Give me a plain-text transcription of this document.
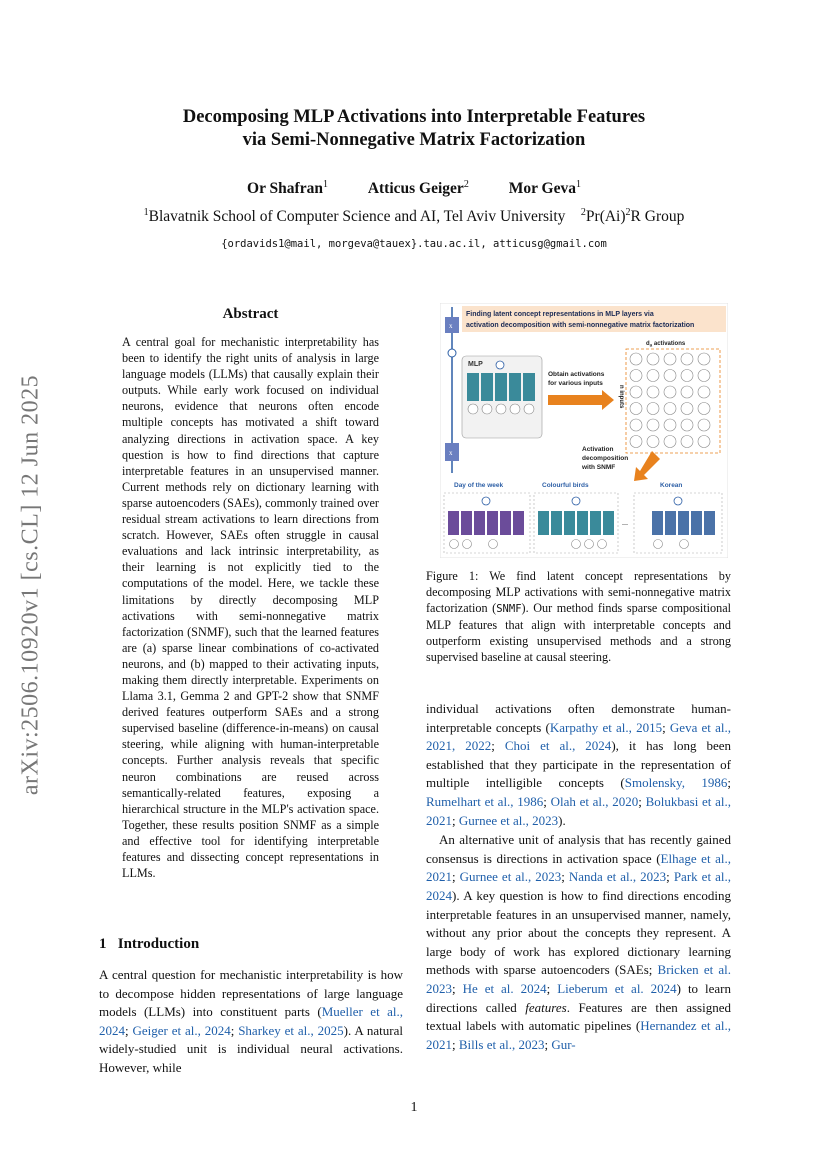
Decomposing MLP Activations into Interpretable Features
via Semi-Nonnegative Matrix Factorization
Or Shafran$^1$	Atticus Geiger$^2$	Mor Geva$^1$
$^1$Blavatnik School of Computer Science and AI, Tel Aviv University $^2Pr(Ai)^2R$ Group
{ordavids1@mail, morgeva@tauex}.tau.ac.il, atticusg@gmail.com
arXiv:2506.10920v1 [cs.CL] 12 Jun 2025
Abstract
A central goal for mechanistic interpretability has been to identify the right units of analysis in large language models (LLMs) that causally explain their outputs. While early work focused on individual neurons, evidence that neurons often encode multiple concepts has motivated a shift toward analyzing directions in activation space. A key question is how to find directions that capture interpretable features in an unsupervised manner. Current methods rely on dictionary learning with sparse autoencoders (SAEs), commonly trained over residual stream activations to learn directions from scratch. However, SAEs often struggle in causal evaluations and lack intrinsic interpretability, as their learning is not explicitly tied to the computations of the model. Here, we tackle these limitations by directly decomposing MLP activations with semi-nonnegative matrix factorization (SNMF), such that the learned features are (a) sparse linear combinations of co-activated neurons, and (b) mapped to their activating inputs, making them directly interpretable. Experiments on Llama 3.1, Gemma 2 and GPT-2 show that SNMF derived features outperform SAEs and a strong supervised baseline (difference-in-means) on causal steering, while aligning with human-interpretable concepts. Further analysis reveals that specific neuron combinations are reused across semantically-related features, exposing a hierarchical structure in the MLP's activation space. Together, these results position SNMF as a simple and effective tool for identifying interpretable features and dissecting concept representations in LLMs.
1 Introduction
A central question for mechanistic interpretability is how to decompose hidden representations of large language models (LLMs) into constituent parts (Mueller et al., 2024; Geiger et al., 2024; Sharkey et al., 2025). A natural widely-studied unit is individual neural activations. However, while
Finding latent concept representations in MLP layers via
activation decomposition with semi-nonnegative matrix factorization
x
x
MLP
Obtain activations
for various inputs
$d_a$ activations
n inputs
Activation
decomposition
with SNMF
Day of the week	Colourful birds	Korean
...
Figure 1: We find latent concept representations by decomposing MLP activations with semi-nonnegative matrix factorization (SNMF). Our method finds sparse compositional MLP features that align with interpretable concepts and outperform existing unsupervised methods and a strong supervised baseline at causal steering.

individual activations often demonstrate human-interpretable concepts (Karpathy et al., 2015; Geva et al., 2021, 2022; Choi et al., 2024), it has long been established that they participate in the representation of multiple intelligible concepts (Smolensky, 1986; Rumelhart et al., 1986; Olah et al., 2020; Bolukbasi et al., 2021; Gurnee et al., 2023).

An alternative unit of analysis that has recently gained consensus is directions in activation space (Elhage et al., 2021; Gurnee et al., 2023; Nanda et al., 2023; Park et al., 2024). A key question is how to find directions encoding interpretable features in an unsupervised manner, namely, without any prior about the concepts they represent. A large body of work has explored dictionary learning methods with sparse autoencoders (SAEs; Bricken et al. 2023; He et al. 2024; Lieberum et al. 2024) to learn directions called features. Features are then assigned textual labels with automatic pipelines (Hernandez et al., 2021; Bills et al., 2023; Gur-

1
